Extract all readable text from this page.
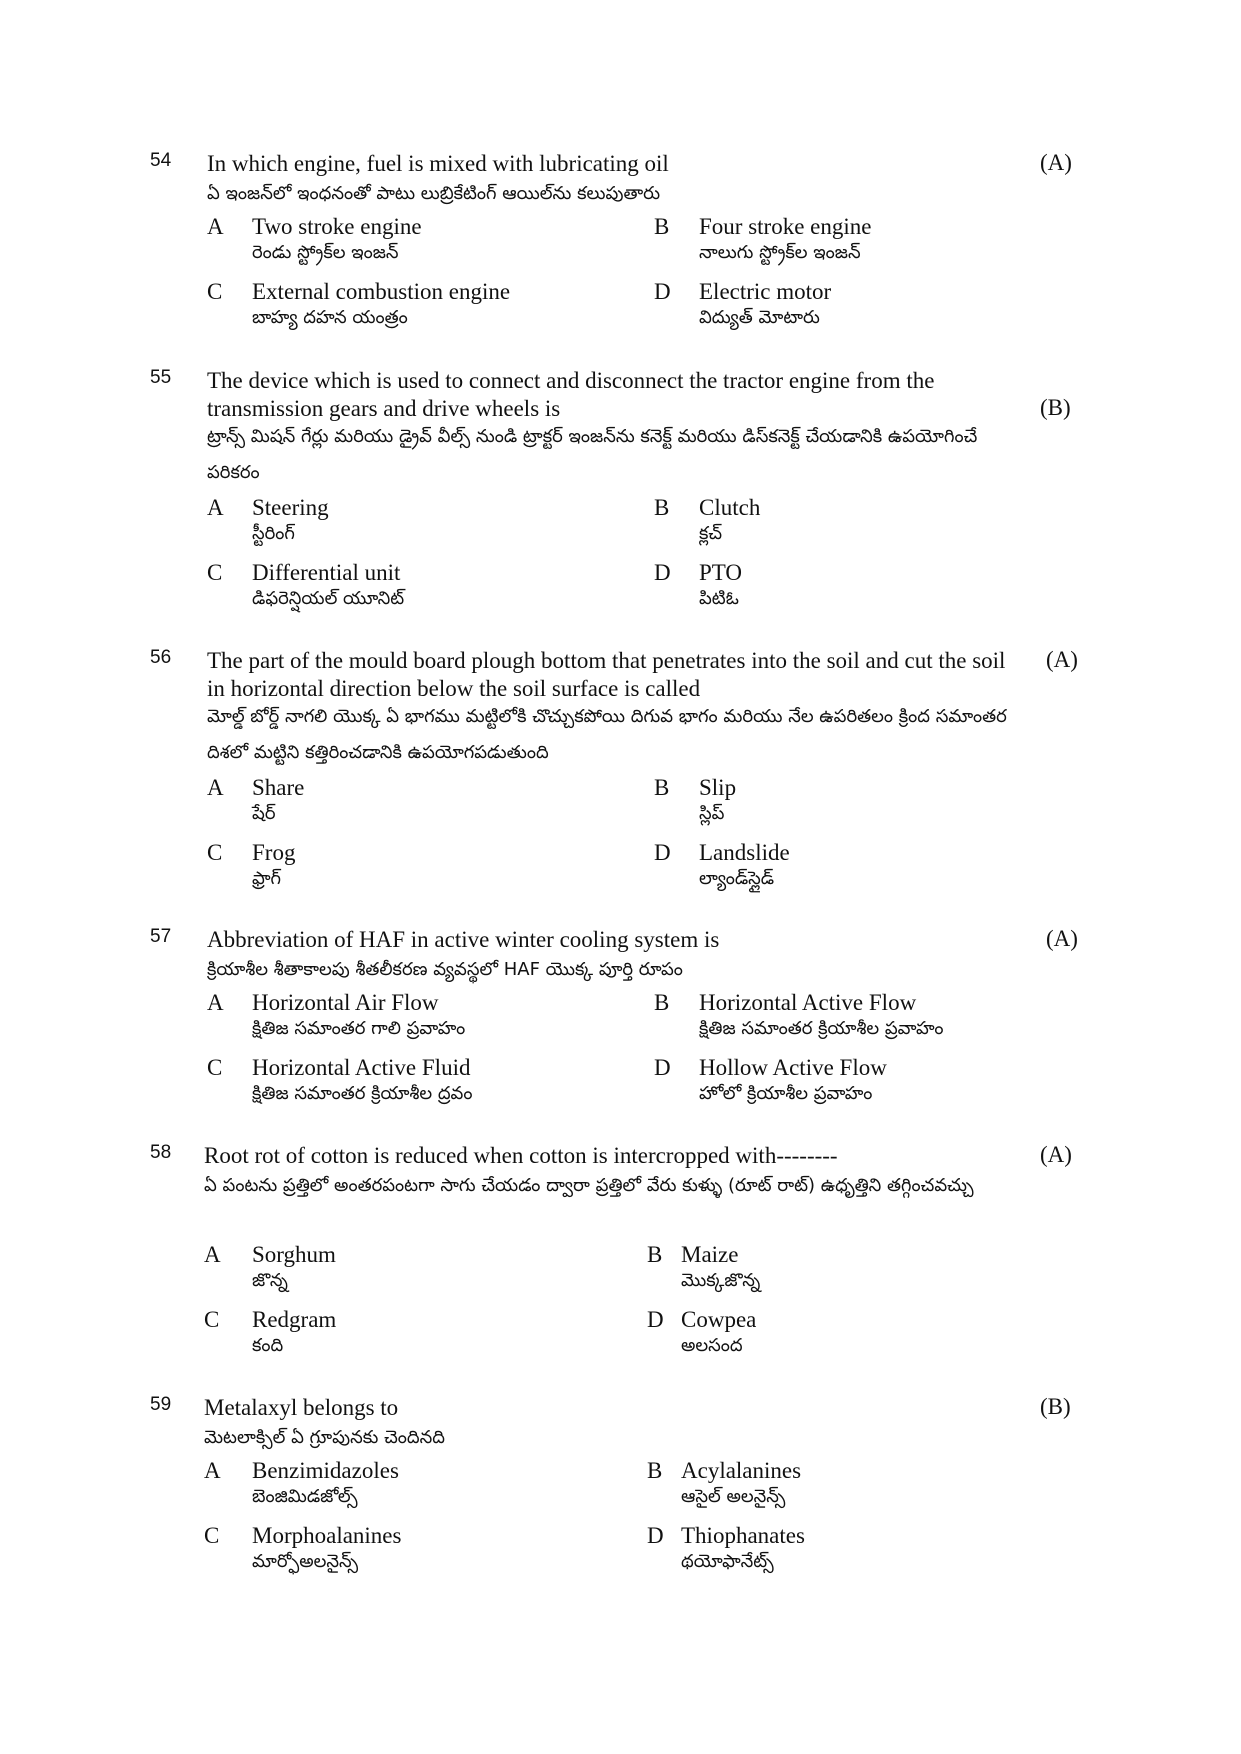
54 In which engine, fuel is mixed with lubricating oil
ఏ ఇంజన్‌లో ఇంధనంతో పాటు లుబ్రికేటింగ్ ఆయిల్‌ను కలుపుతారు
(A)
A Two stroke engine
రెండు స్ట్రోక్‌ల ఇంజన్
B Four stroke engine
నాలుగు స్ట్రోక్‌ల ఇంజన్
C External combustion engine
బాహ్య దహన యంత్రం
D Electric motor
విద్యుత్ మోటారు
55 The device which is used to connect and disconnect the tractor engine from the transmission gears and drive wheels is
ట్రాన్స్ మిషన్ గేర్లు మరియు డ్రైవ్ వీల్స్ నుండి ట్రాక్టర్ ఇంజన్‌ను కనెక్ట్ మరియు డిస్‌కనెక్ట్ చేయడానికి ఉపయోగించే పరికరం
(B)
A Steering
స్టీరింగ్
B Clutch
క్లచ్
C Differential unit
డిఫరెన్షియల్ యూనిట్
D PTO
పిటిఓ
56 The part of the mould board plough bottom that penetrates into the soil and cut the soil in horizontal direction below the soil surface is called
మోల్డ్ బోర్డ్ నాగలి యొక్క ఏ భాగము మట్టిలోకి చొచ్చుకపోయి దిగువ భాగం మరియు నేల ఉపరితలం క్రింద సమాంతర దిశలో మట్టిని కత్తిరించడానికి ఉపయోగపడుతుంది
(A)
A Share
షేర్
B Slip
స్లిప్
C Frog
ఫ్రాగ్
D Landslide
ల్యాండ్‌స్లైడ్
57 Abbreviation of HAF in active winter cooling system is
క్రియాశీల శీతాకాలపు శీతలీకరణ వ్యవస్థలో HAF యొక్క పూర్తి రూపం
(A)
A Horizontal Air Flow
క్షితిజ సమాంతర గాలి ప్రవాహం
B Horizontal Active Flow
క్షితిజ సమాంతర క్రియాశీల ప్రవాహం
C Horizontal Active Fluid
క్షితిజ సమాంతర క్రియాశీల ద్రవం
D Hollow Active Flow
హోలో క్రియాశీల ప్రవాహం
58 Root rot of cotton is reduced when cotton is intercropped with--------
ఏ పంటను ప్రత్తిలో అంతరపంటగా సాగు చేయడం ద్వారా ప్రత్తిలో వేరు కుళ్ళు (రూట్ రాట్) ఉధృత్తిని తగ్గించవచ్చు
(A)
A Sorghum
జొన్న
B Maize
మొక్కజొన్న
C Redgram
కంది
D Cowpea
అలసంద
59 Metalaxyl belongs to
మెటలాక్సిల్ ఏ గ్రూపునకు చెందినది
(B)
A Benzimidazoles
బెంజిమిడజోల్స్
B Acylalanines
ఆసైల్ అలనైన్స్
C Morphoalanines
మార్ఫోఅలనైన్స్
D Thiophanates
థయోఫానేట్స్
